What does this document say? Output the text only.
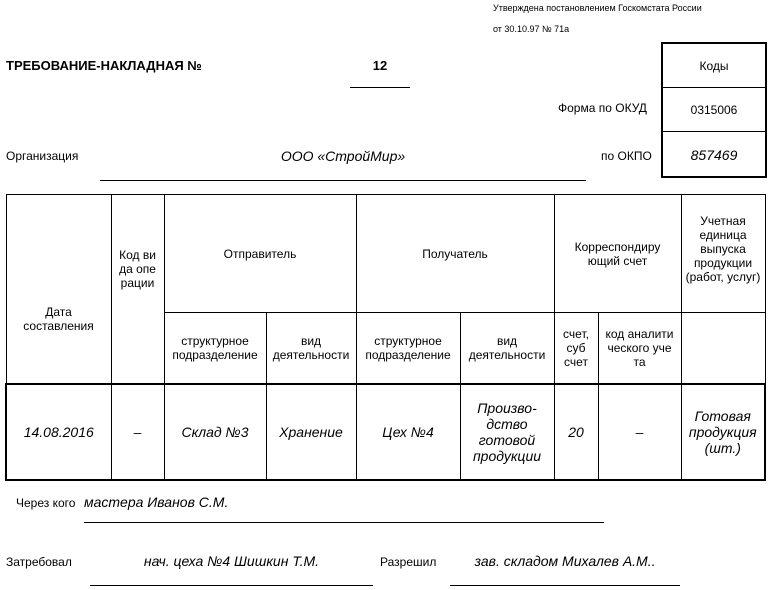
Утверждена постановлением Госкомстата России
от 30.10.97 № 71а
ТРЕБОВАНИЕ-НАКЛАДНАЯ №	12	Коды
0315006
857469
Форма по ОКУД
по ОКПО
Организация	ООО «СтройМир»
Дата составления	Код ви да опе рации	Отправитель		Получатель		Корреспондиру ющий счет		Учетная единица выпуска продукции (работ, услуг)

		структурное подразделение	вид деятельности	структурное подразделение	вид деятельности	счет, суб счет	код аналити ческого уче та	
14.08.2016	–	Склад №3	Хранение	Цех №4	Произво-дство готовой продукции	20	–	Готовая продукция (шт.)
Через кого мастера Иванов С.М.
Затребовал	нач. цеха №4 Шишкин Т.М.	Разрешил	зав. складом Михалев А.М..
